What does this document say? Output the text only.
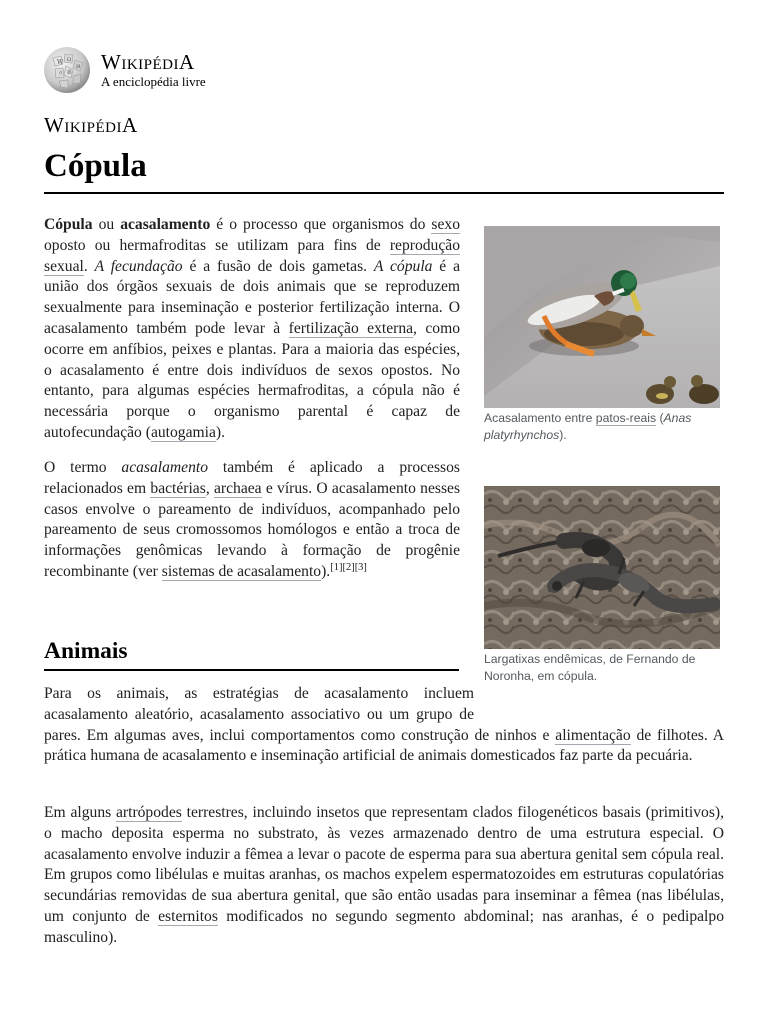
W Ω
И
ウ 維 WIKIPÉDIA
A enciclopédia livre
WIKIPÉDIA
Cópula

Cópula ou acasalamento é o processo que organismos do sexo oposto ou hermafroditas se utilizam para fins de reprodução sexual. A fecundação é a fusão de dois gametas. A cópula é a união dos órgãos sexuais de dois animais que se reproduzem sexualmente para inseminação e posterior fertilização interna. O acasalamento também pode levar à fertilização externa, como ocorre em anfíbios, peixes e plantas. Para a maioria das espécies, o acasalamento é entre dois indivíduos de sexos opostos. No entanto, para algumas espécies hermafroditas, a cópula não é necessária porque o organismo parental é capaz de autofecundação (autogamia).

O termo acasalamento também é aplicado a processos relacionados em bactérias, archaea e vírus. O acasalamento nesses casos envolve o pareamento de indivíduos, acompanhado pelo pareamento de seus cromossomos homólogos e então a troca de informações genômicas levando à formação de progênie recombinante (ver sistemas de acasalamento).[1][2][3]

Acasalamento entre patos-reais (Anas platyrhynchos).
Largatixas endêmicas, de Fernando de Noronha, em cópula.
Animais
Para os animais, as estratégias de acasalamento incluem acasalamento aleatório, acasalamento associativo ou um grupo de pares. Em algumas aves, inclui comportamentos como construção de ninhos e alimentação de filhotes. A prática humana de acasalamento e inseminação artificial de animais domesticados faz parte da pecuária.

Em alguns artrópodes terrestres, incluindo insetos que representam clados filogenéticos basais (primitivos), o macho deposita esperma no substrato, às vezes armazenado dentro de uma estrutura especial. O acasalamento envolve induzir a fêmea a levar o pacote de esperma para sua abertura genital sem cópula real. Em grupos como libélulas e muitas aranhas, os machos expelem espermatozoides em estruturas copulatórias secundárias removidas de sua abertura genital, que são então usadas para inseminar a fêmea (nas libélulas, um conjunto de esternitos modificados no segundo segmento abdominal; nas aranhas, é o pedipalpo masculino).
